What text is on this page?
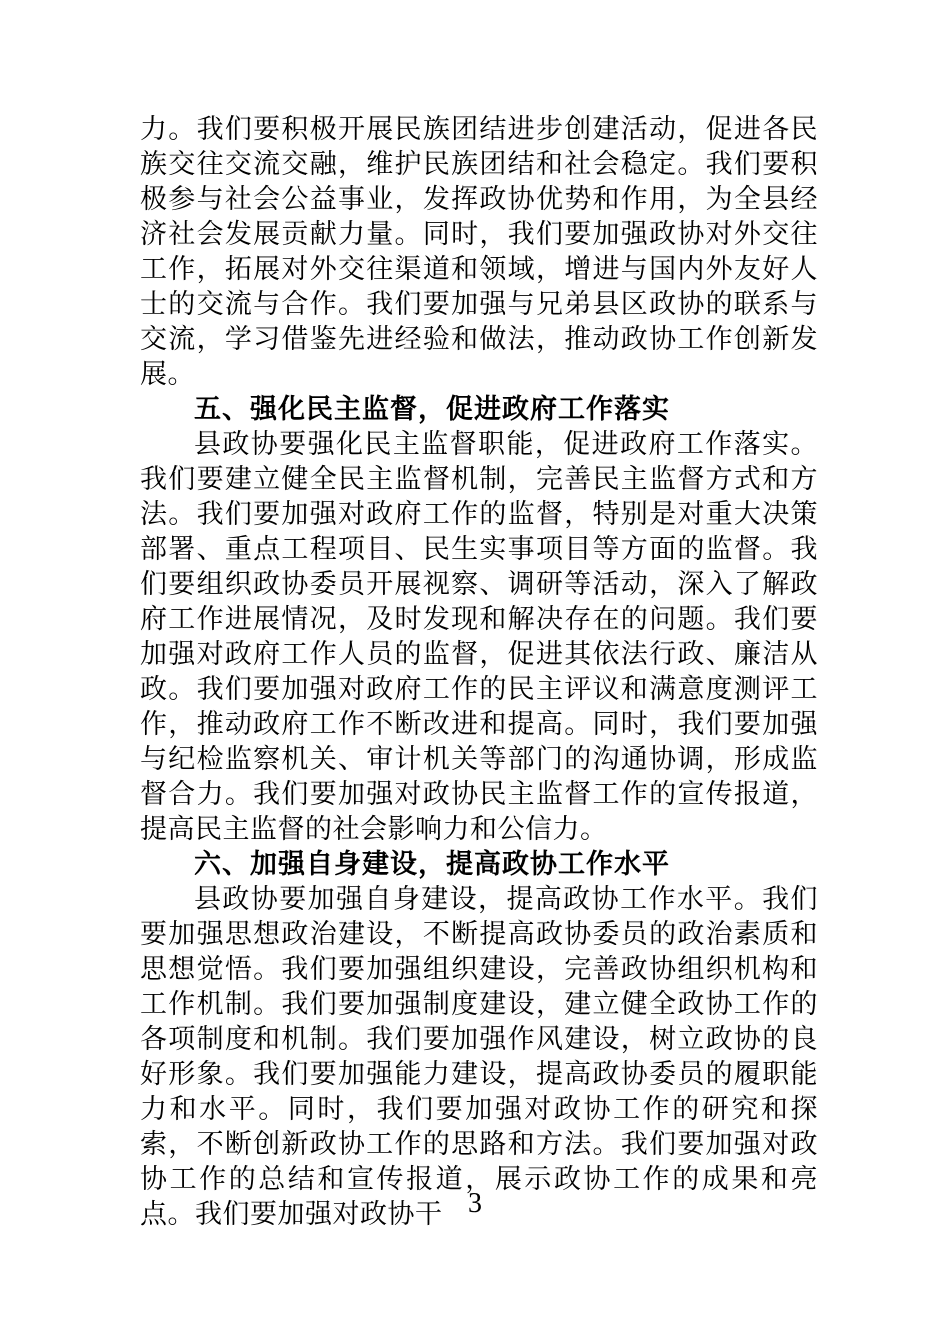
力。我们要积极开展民族团结进步创建活动，促进各民族交往交流交融，维护民族团结和社会稳定。我们要积极参与社会公益事业，发挥政协优势和作用，为全县经济社会发展贡献力量。同时，我们要加强政协对外交往工作，拓展对外交往渠道和领域，增进与国内外友好人士的交流与合作。我们要加强与兄弟县区政协的联系与交流，学习借鉴先进经验和做法，推动政协工作创新发展。

五、强化民主监督，促进政府工作落实

县政协要强化民主监督职能，促进政府工作落实。我们要建立健全民主监督机制，完善民主监督方式和方法。我们要加强对政府工作的监督，特别是对重大决策部署、重点工程项目、民生实事项目等方面的监督。我们要组织政协委员开展视察、调研等活动，深入了解政府工作进展情况，及时发现和解决存在的问题。我们要加强对政府工作人员的监督，促进其依法行政、廉洁从政。我们要加强对政府工作的民主评议和满意度测评工作，推动政府工作不断改进和提高。同时，我们要加强与纪检监察机关、审计机关等部门的沟通协调，形成监督合力。我们要加强对政协民主监督工作的宣传报道，提高民主监督的社会影响力和公信力。

六、加强自身建设，提高政协工作水平

县政协要加强自身建设，提高政协工作水平。我们要加强思想政治建设，不断提高政协委员的政治素质和思想觉悟。我们要加强组织建设，完善政协组织机构和工作机制。我们要加强制度建设，建立健全政协工作的各项制度和机制。我们要加强作风建设，树立政协的良好形象。我们要加强能力建设，提高政协委员的履职能力和水平。同时，我们要加强对政协工作的研究和探索，不断创新政协工作的思路和方法。我们要加强对政协工作的总结和宣传报道，展示政协工作的成果和亮点。我们要加强对政协干 3
